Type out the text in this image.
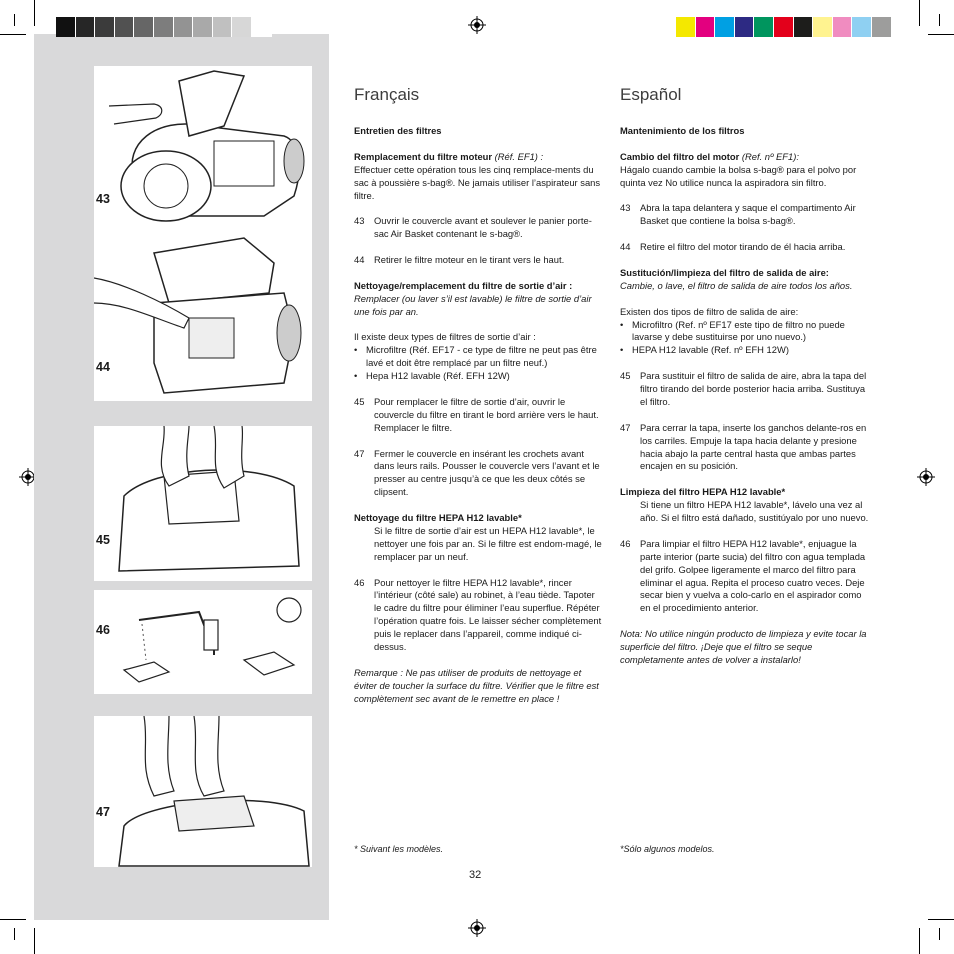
43
44
45
46
47
Français

Entretien des filtres

Remplacement du filtre moteur (Réf. EF1) :

Effectuer cette opération tous les cinq remplace-ments du sac à poussière s-bag®. Ne jamais utiliser l’aspirateur sans filtre.

43	Ouvrir le couvercle avant et soulever le panier porte-sac Air Basket contenant le s-bag®.
44	Retirer le filtre moteur en le tirant vers le haut.

Nettoyage/remplacement du filtre de sortie d’air :

Remplacer (ou laver s’il est lavable) le filtre de sortie d’air une fois par an.

Il existe deux types de filtres de sortie d’air :

• Microfiltre (Réf. EF17 - ce type de filtre ne peut pas être lavé et doit être remplacé par un filtre neuf.)
• Hepa H12 lavable (Réf. EFH 12W)
45	Pour remplacer le filtre de sortie d’air, ouvrir le couvercle du filtre en tirant le bord arrière vers le haut. Remplacer le filtre.
47	Fermer le couvercle en insérant les crochets avant dans leurs rails. Pousser le couvercle vers l’avant et le presser au centre jusqu’à ce que les deux côtés se clipsent.

Nettoyage du filtre HEPA H12 lavable*

Si le filtre de sortie d’air est un HEPA H12 lavable*, le nettoyer une fois par an. Si le filtre est endom-magé, le remplacer par un neuf.

46	Pour nettoyer le filtre HEPA H12 lavable*, rincer l’intérieur (côté sale) au robinet, à l’eau tiède. Tapoter le cadre du filtre pour éliminer l’eau superflue. Répéter l’opération quatre fois. Le laisser sécher complètement puis le replacer dans l’appareil, comme indiqué ci-dessus.

Remarque : Ne pas utiliser de produits de nettoyage et éviter de toucher la surface du filtre. Vérifier que le filtre est complètement sec avant de le remettre en place !

* Suivant les modèles.
Español

Mantenimiento de los filtros

Cambio del filtro del motor (Ref. nº EF1):

Hágalo cuando cambie la bolsa s-bag® para el polvo por quinta vez No utilice nunca la aspiradora sin filtro.

43	Abra la tapa delantera y saque el compartimento Air Basket que contiene la bolsa s-bag®.
44	Retire el filtro del motor tirando de él hacia arriba.

Sustitución/limpieza del filtro de salida de aire:

Cambie, o lave, el filtro de salida de aire todos los años.

Existen dos tipos de filtro de salida de aire:

• Microfiltro (Ref. nº EF17 este tipo de filtro no puede lavarse y debe sustituirse por uno nuevo.)
• HEPA H12 lavable (Ref. nº EFH 12W)
45	Para sustituir el filtro de salida de aire, abra la tapa del filtro tirando del borde posterior hacia arriba. Sustituya el filtro.
47	Para cerrar la tapa, inserte los ganchos delante-ros en los carriles. Empuje la tapa hacia delante y presione hacia abajo la parte central hasta que ambas partes encajen en su posición.

Limpieza del filtro HEPA H12 lavable*

Si tiene un filtro HEPA H12 lavable*, lávelo una vez al año. Si el filtro está dañado, sustitúyalo por uno nuevo.

46	Para limpiar el filtro HEPA H12 lavable*, enjuague la parte interior (parte sucia) del filtro con agua templada del grifo. Golpee ligeramente el marco del filtro para eliminar el agua. Repita el proceso cuatro veces. Deje secar bien y vuelva a colo-carlo en el aspirador como en el procedimiento anterior.

Nota: No utilice ningún producto de limpieza y evite tocar la superficie del filtro. ¡Deje que el filtro se seque completamente antes de volver a instalarlo!

*Sólo algunos modelos.
32
